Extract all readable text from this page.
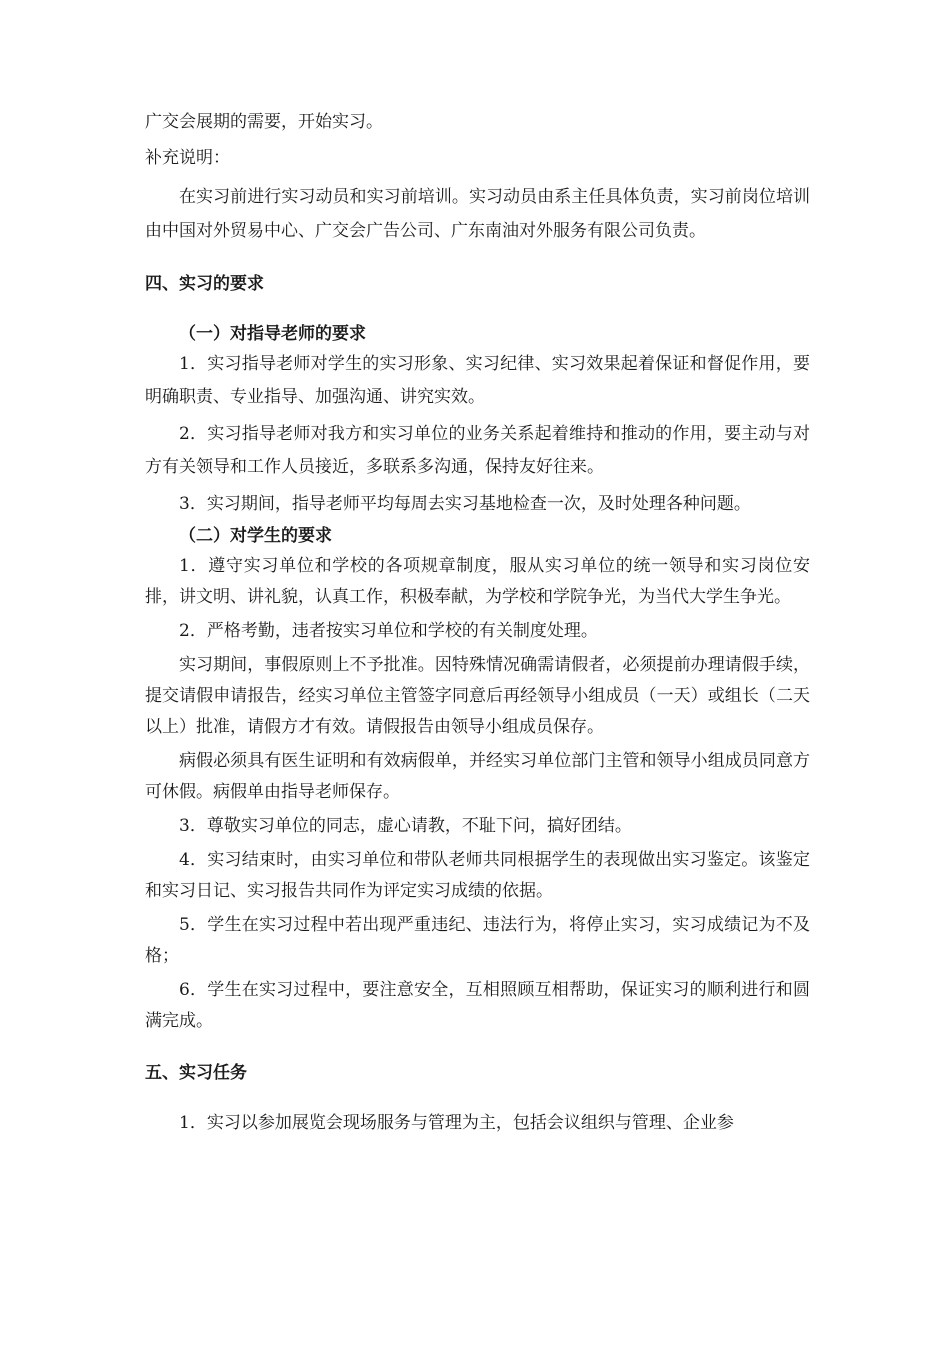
广交会展期的需要，开始实习。

补充说明：

在实习前进行实习动员和实习前培训。实习动员由系主任具体负责，实习前岗位培训由中国对外贸易中心、广交会广告公司、广东南油对外服务有限公司负责。

四、实习的要求

（一）对指导老师的要求

1．实习指导老师对学生的实习形象、实习纪律、实习效果起着保证和督促作用，要明确职责、专业指导、加强沟通、讲究实效。

2．实习指导老师对我方和实习单位的业务关系起着维持和推动的作用，要主动与对方有关领导和工作人员接近，多联系多沟通，保持友好往来。

3．实习期间，指导老师平均每周去实习基地检查一次，及时处理各种问题。

（二）对学生的要求

1．遵守实习单位和学校的各项规章制度，服从实习单位的统一领导和实习岗位安排，讲文明、讲礼貌，认真工作，积极奉献，为学校和学院争光，为当代大学生争光。

2．严格考勤，违者按实习单位和学校的有关制度处理。

实习期间，事假原则上不予批准。因特殊情况确需请假者，必须提前办理请假手续，提交请假申请报告，经实习单位主管签字同意后再经领导小组成员（一天）或组长（二天以上）批准，请假方才有效。请假报告由领导小组成员保存。

病假必须具有医生证明和有效病假单，并经实习单位部门主管和领导小组成员同意方可休假。病假单由指导老师保存。

3．尊敬实习单位的同志，虚心请教，不耻下问，搞好团结。

4．实习结束时，由实习单位和带队老师共同根据学生的表现做出实习鉴定。该鉴定和实习日记、实习报告共同作为评定实习成绩的依据。

5．学生在实习过程中若出现严重违纪、违法行为，将停止实习，实习成绩记为不及格；

6．学生在实习过程中，要注意安全，互相照顾互相帮助，保证实习的顺利进行和圆满完成。

五、实习任务

1．实习以参加展览会现场服务与管理为主，包括会议组织与管理、企业参
